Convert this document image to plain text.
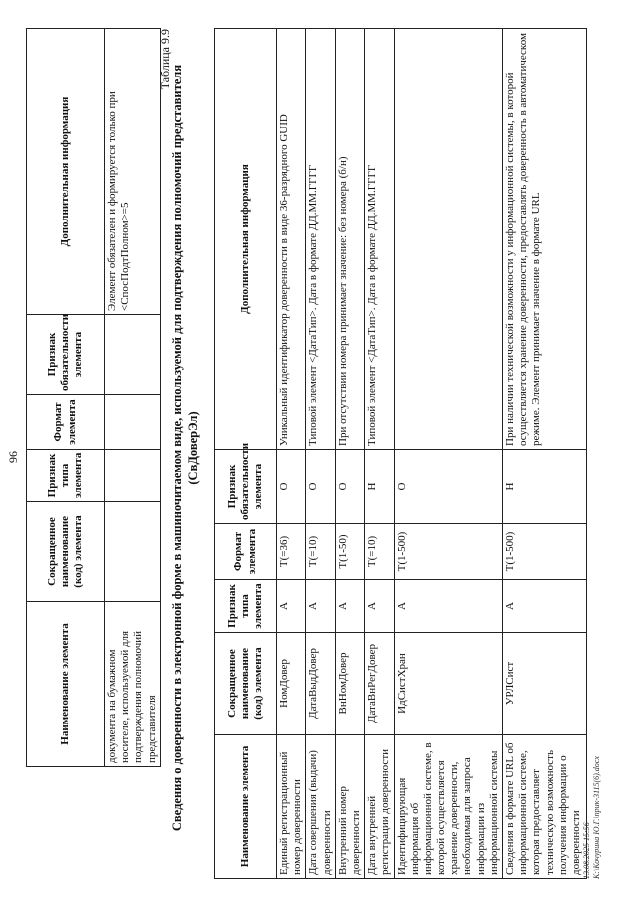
96
Наименование элемента	Сокращенное наименование (код) элемента	Признак типа элемента	Формат элемента	Признак обязательности элемента	Дополнительная информация
документа на бумажном носителе, используемой для подтверждения полномочий представителя					Элемент обязателен и формируется только при <СпосПодтПолном>=5
Таблица 9.9
Сведения о доверенности в электронной форме в машиночитаемом виде, используемой для подтверждения полномочий представителя (СвДоверЭл)
Наименование элемента	Сокращенное наименование (код) элемента	Признак типа элемента	Формат элемента	Признак обязательности элемента	Дополнительная информация
Единый регистрационный номер доверенности	НомДовер	А	Т(=36)	О	Уникальный идентификатор доверенности в виде 36-разрядного GUID
Дата совершения (выдачи) доверенности	ДатаВыдДовер	А	Т(=10)	О	Типовой элемент <ДатаТип>. Дата в формате ДД.ММ.ГГГГ
Внутренний номер доверенности	ВнНомДовер	А	Т(1-50)	О	При отсутствии номера принимает значение: без номера (б/н)
Дата внутренней регистрации доверенности	ДатаВнРегДовер	А	Т(=10)	Н	Типовой элемент <ДатаТип>. Дата в формате ДД.ММ.ГГГГ
Идентифицирующая информация об информационной системе, в которой осуществляется хранение доверенности, необходимая для запроса информации из информационной системы	ИдСистХран	А	Т(1-500)	О	
Сведения в формате URL об информационной системе, которая предоставляет техническую возможность получения информации о доверенности	УРЛСист	А	Т(1-500)	Н	При наличии технической возможности у информационной системы, в которой осуществляется хранение доверенности, предоставлять доверенность в автоматическом режиме. Элемент принимает значение в формате URL
13.08.2025 15:56 К:\Кочурина Ю.Г.\прик-3115(6).docx
